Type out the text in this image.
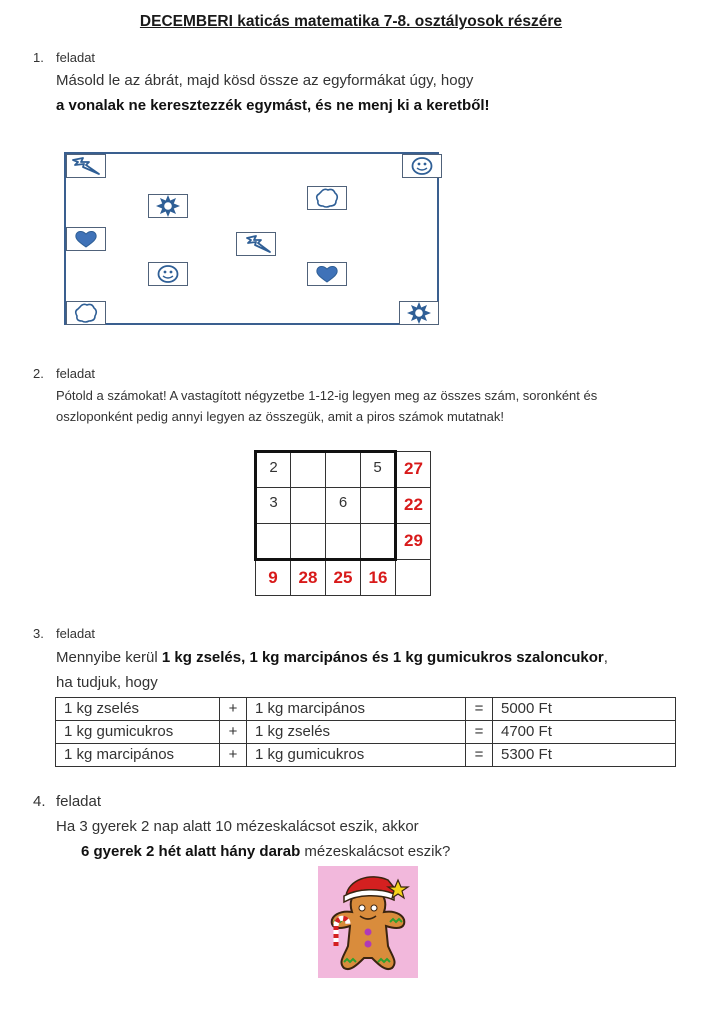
DECEMBERI katicás matematika 7-8. osztályosok részére
1. feladat
Másold le az ábrát, majd kösd össze az egyformákat úgy, hogy
a vonalak ne keresztezzék egymást, és ne menj ki a keretből!
2. feladat
Pótold a számokat! A vastagított négyzetbe 1-12-ig legyen meg az összes szám, soronként és
oszloponként pedig annyi legyen az összegük, amit a piros számok mutatnak!
2			5	27
3		6		22
				29
9	28	25	16	
3. feladat
Mennyibe kerül 1 kg zselés, 1 kg marcipános és 1 kg gumicukros szaloncukor,
ha tudjuk, hogy
1 kg zselés	+	1 kg marcipános	=	5000 Ft
1 kg gumicukros	+	1 kg zselés	=	4700 Ft
1 kg marcipános	+	1 kg gumicukros	=	5300 Ft
4. feladat
Ha 3 gyerek 2 nap alatt 10 mézeskalácsot eszik, akkor
6 gyerek 2 hét alatt hány darab mézeskalácsot eszik?
